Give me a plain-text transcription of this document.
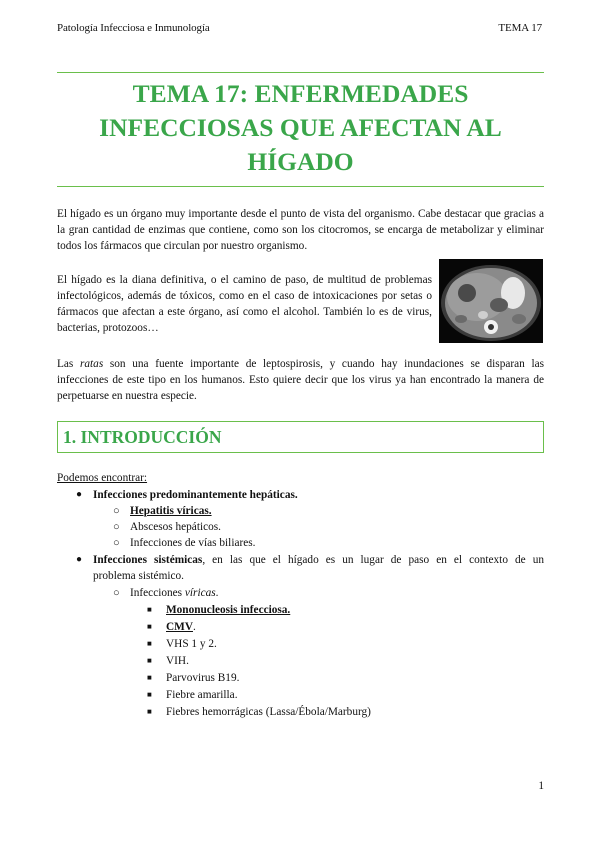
Patología Infecciosa e Inmunología	TEMA 17
TEMA 17: ENFERMEDADES
INFECCIOSAS QUE AFECTAN AL
HÍGADO

El hígado es un órgano muy importante desde el punto de vista del organismo. Cabe destacar que gracias a la gran cantidad de enzimas que contiene, como son los citocromos, se encarga de metabolizar y eliminar todos los fármacos que circulan por nuestro organismo.

El hígado es la diana definitiva, o el camino de paso, de multitud de problemas infectológicos, además de tóxicos, como en el caso de intoxicaciones por setas o fármacos que afectan a este órgano, así como el alcohol. También lo es de virus, bacterias, protozoos…

Las ratas son una fuente importante de leptospirosis, y cuando hay inundaciones se disparan las infecciones de este tipo en los humanos. Esto quiere decir que los virus ya han encontrado la manera de perpetuarse en nuestra especie.

1. INTRODUCCIÓN

Podemos encontrar:

● Infecciones predominantemente hepáticas.

○ Hepatitis víricas.

○ Abscesos hepáticos.

○ Infecciones de vías biliares.

● Infecciones sistémicas, en las que el hígado es un lugar de paso en el contexto de un

problema sistémico.

○ Infecciones víricas.

■ Mononucleosis infecciosa.

■ CMV.

■ VHS 1 y 2.

■ VIH.

■ Parvovirus B19.

■ Fiebre amarilla.

■ Fiebres hemorrágicas (Lassa/Ébola/Marburg)

1
